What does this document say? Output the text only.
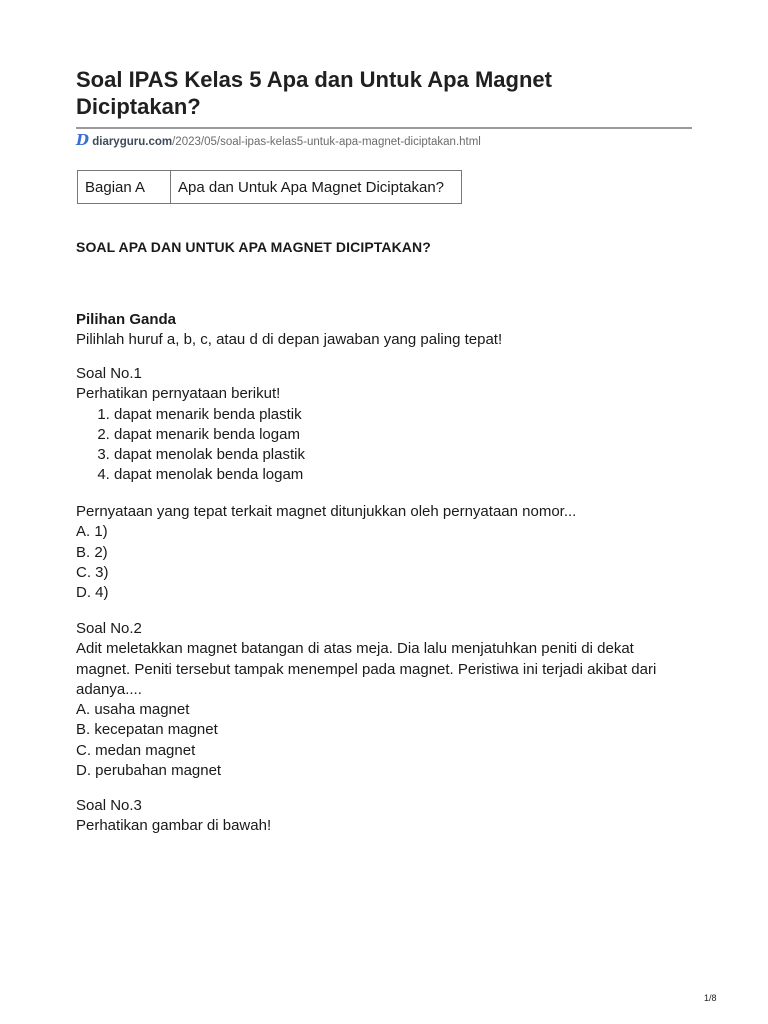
Soal IPAS Kelas 5 Apa dan Untuk Apa Magnet Diciptakan?
D diaryguru.com/2023/05/soal-ipas-kelas5-untuk-apa-magnet-diciptakan.html
Bagian A	Apa dan Untuk Apa Magnet Diciptakan?
SOAL APA DAN UNTUK APA MAGNET DICIPTAKAN?
Pilihan Ganda
Pilihlah huruf a, b, c, atau d di depan jawaban yang paling tepat!
Soal No.1
Perhatikan pernyataan berikut!
1. dapat menarik benda plastik
2. dapat menarik benda logam
3. dapat menolak benda plastik
4. dapat menolak benda logam
Pernyataan yang tepat terkait magnet ditunjukkan oleh pernyataan nomor...
A. 1)
B. 2)
C. 3)
D. 4)
Soal No.2
Adit meletakkan magnet batangan di atas meja. Dia lalu menjatuhkan peniti di dekat magnet. Peniti tersebut tampak menempel pada magnet. Peristiwa ini terjadi akibat dari adanya....
A. usaha magnet
B. kecepatan magnet
C. medan magnet
D. perubahan magnet
Soal No.3
Perhatikan gambar di bawah!
1/8
